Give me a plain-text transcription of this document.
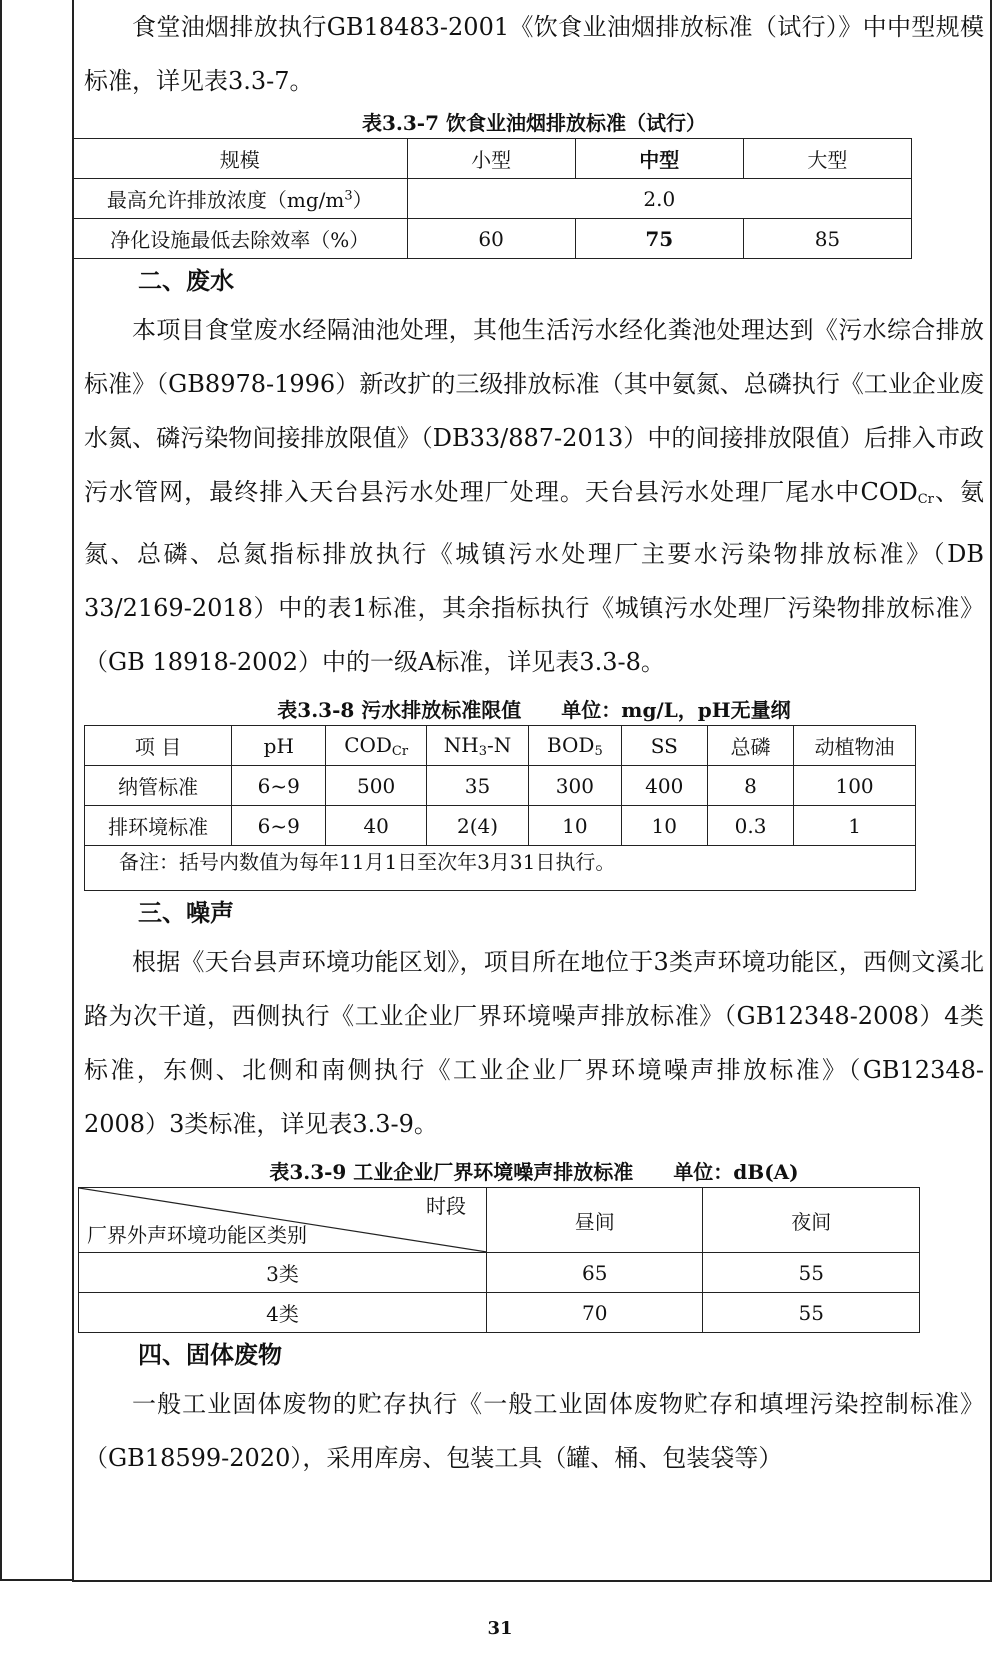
食堂油烟排放执行GB18483-2001《饮食业油烟排放标准（试行）》中中型规模标准，详见表3.3-7。

表3.3-7 饮食业油烟排放标准（试行）

规模	小型	中型	大型
最高允许排放浓度$(mg/m^3)$	2.0		
净化设施最低去除效率（%）	60	75	85

二、废水

本项目食堂废水经隔油池处理，其他生活污水经化粪池处理达到《污水综合排放标准》（GB8978-1996）新改扩的三级排放标准（其中氨氮、总磷执行《工业企业废水氮、磷污染物间接排放限值》（DB33/887-2013）中的间接排放限值）后排入市政污水管网，最终排入天台县污水处理厂处理。天台县污水处理厂尾水中$COD_{Cr}$、氨氮、总磷、总氮指标排放执行《城镇污水处理厂主要水污染物排放标准》（DB 33/2169-2018）中的表1标准，其余指标执行《城镇污水处理厂污染物排放标准》（GB 18918-2002）中的一级A标准，详见表3.3-8。

表3.3-8 污水排放标准限值 单位：mg/L，pH无量纲

项 目	pH	$COD_{Cr}$	$NH_3-N$	$BOD_5$	SS	总磷	动植物油
纳管标准	6~9	500	35	300	400	8	100
排环境标准	6~9	40	2(4)	10	10	0.3	1
备注：括号内数值为每年11月1日至次年3月31日执行。							

三、噪声

根据《天台县声环境功能区划》，项目所在地位于3类声环境功能区，西侧文溪北路为次干道，西侧执行《工业企业厂界环境噪声排放标准》（GB12348-2008）4类标准，东侧、北侧和南侧执行《工业企业厂界环境噪声排放标准》（GB12348-2008）3类标准，详见表3.3-9。

表3.3-9 工业企业厂界环境噪声排放标准 单位：dB(A)

时段
厂界外声环境功能区类别	昼间	夜间
3类	65	55
4类	70	55

四、固体废物

一般工业固体废物的贮存执行《一般工业固体废物贮存和填埋污染控制标准》（GB18599-2020），采用库房、包装工具（罐、桶、包装袋等）

31
